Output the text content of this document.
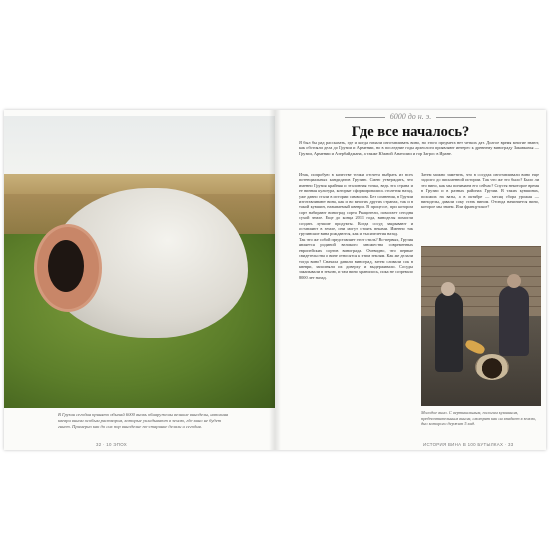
В Грузии сегодня принято обычай 6000 вновь обнаружены великие виноделы, наполняя квеври вином особым раствором, которые укладывают в землю, где вино не будет гниет. Примерно как до сих пор виноделие по-старинке делали и сегодня.
32 · 10 ЭПОХ
6000 до н. э.
Где все началось?
Я был бы рад рассказать, где и когда начали изготавливать вино, но этого предмета нет четких дат. Долгое время многие знают, как обстояли дела до Грузии и Армении, но в последние годы археологи проявляют интерес к древнему винограду Закавказья — Грузии, Армении и Азербайджана, а также Южной Анатолии и гор Загрос в Иране.

Итак, попробую в качестве точки отсчета выбрать из всех потенциальных кандидатов Грузию. Смею утверждать, что именно Грузия крайняя и эталонная точка, ведь эта страна и ее винная культура, которые сформировались столетия назад, уже давно стали в истории символом. Без сомнения, в Грузии изготавливают вина, как и во многих других странах, так и в такой кувшин, называемый квеври. В процессе, при котором сорт набирают виноград сорта Ркацители, помогает сегодня сухой земле. Еще до конца 2011 года, виноделы помогли создать лучшие продукты. Когда сосуд закрывают и оставляют в земле, они могут стоять веками. Именно так грузинские вина рождаются, как и тысячелетия назад.

Так что же собой представляет этот стиль? Во-первых, Грузия является родиной великого множества современных европейских сортов винограда. Очевидно, что первые свидетельства о вине относятся к этим землям. Как же делали тогда вино? Сначала давили виноград, затем сливали сок в квеври, заполняли их доверху и выдерживали. Сосуды закапывали в землю, и там вино хранилось, пока не созревало 8000 лет назад.

Затем можно заметить, что в сосудах изготавливали вино еще задолго до письменной истории. Так что же это было? Было ли это вино, как мы понимаем его сейчас? Спустя некоторое время в Грузии и в разных районах Грузии. В таких кувшинах, похожих на вазы, а в октябре — месяц сбора урожая — виноделы, давали соку стать вином. Отсюда начинается вино, которое мы знаем. Или французское?

Молодое вино. С вертикальным, пологим кувшином, предпочтительным вином, смотрят как он впадает в землю, дно которого держит 5 вид.
ИСТОРИЯ ВИНА В 100 БУТЫЛКАХ · 33
